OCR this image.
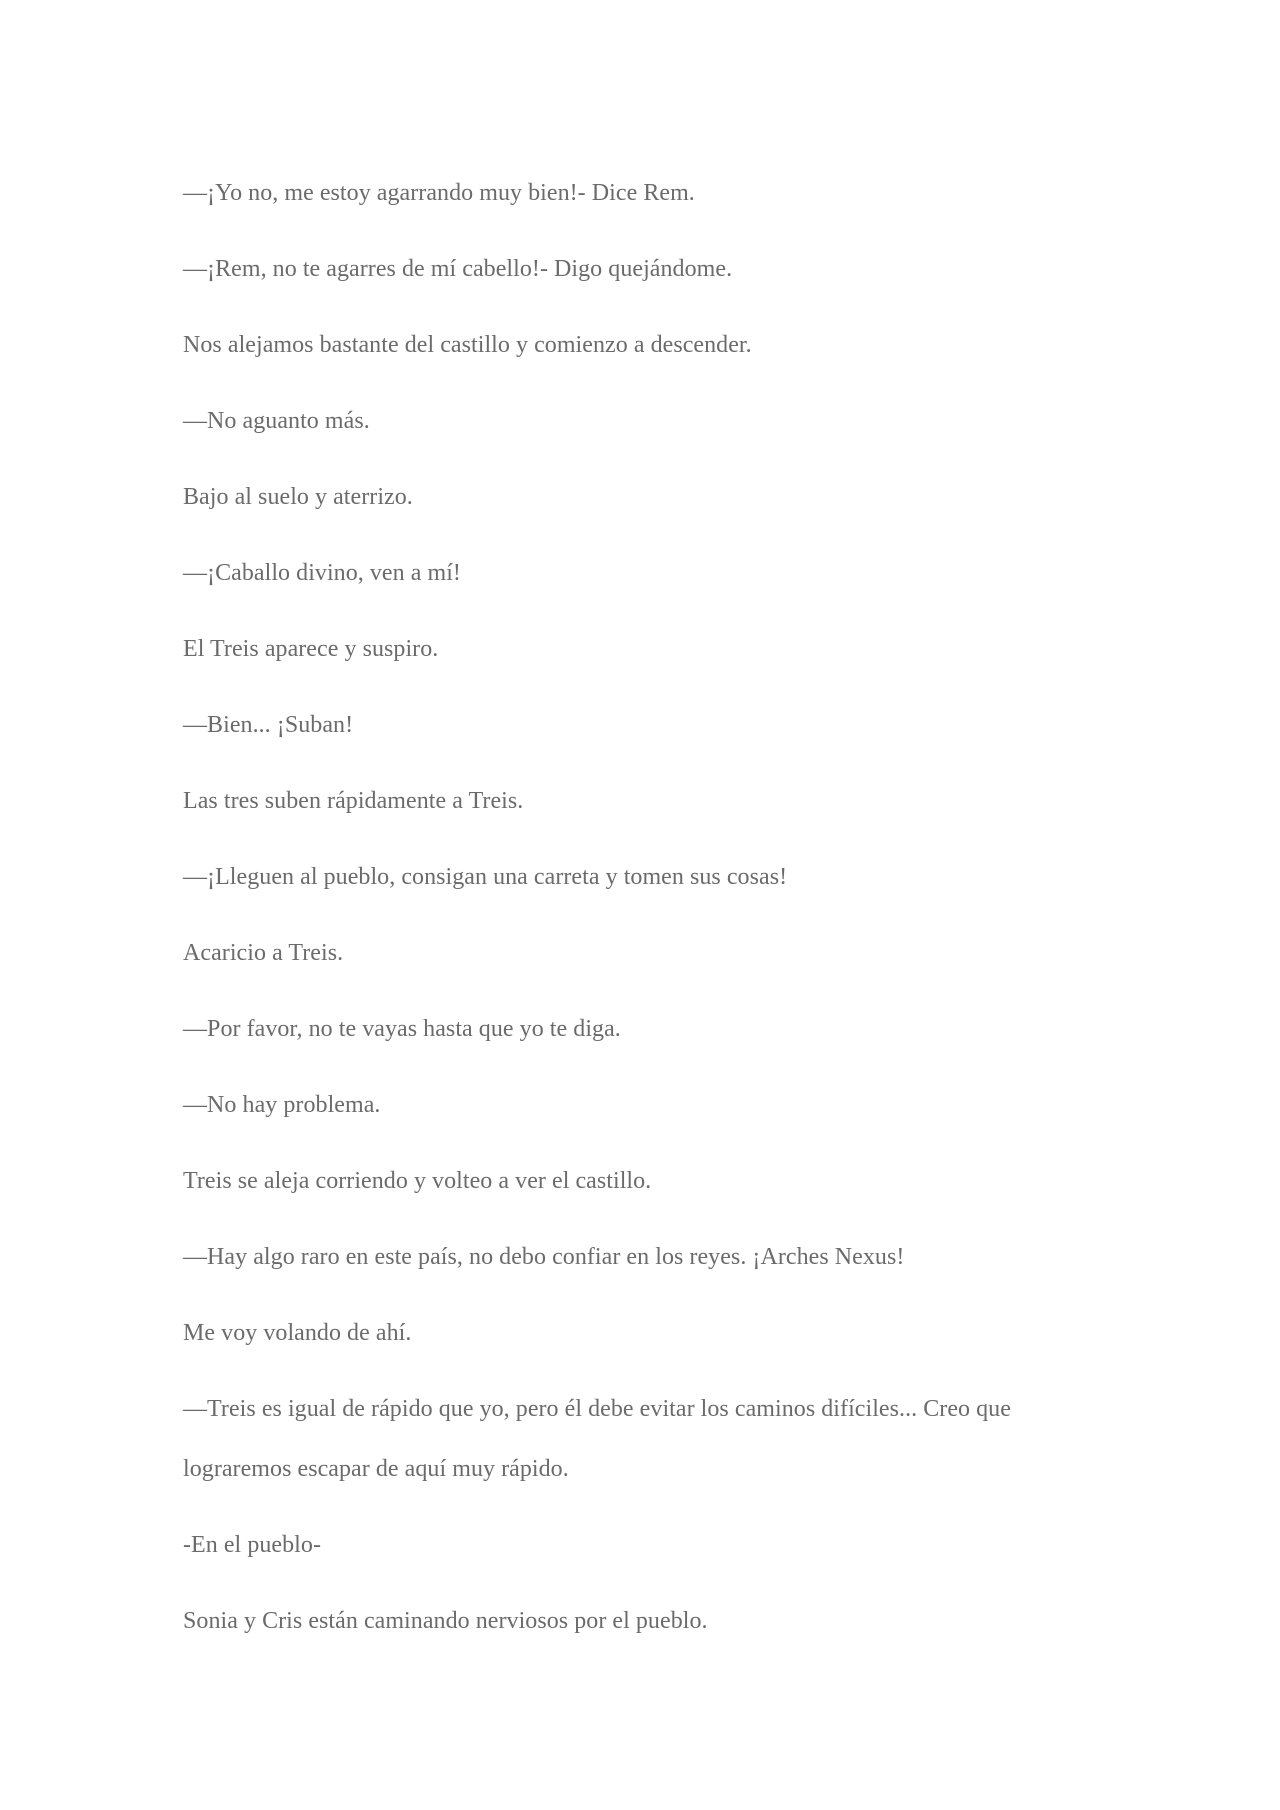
—¡Yo no, me estoy agarrando muy bien!- Dice Rem.

—¡Rem, no te agarres de mí cabello!- Digo quejándome.

Nos alejamos bastante del castillo y comienzo a descender.

—No aguanto más.

Bajo al suelo y aterrizo.

—¡Caballo divino, ven a mí!

El Treis aparece y suspiro.

—Bien... ¡Suban!

Las tres suben rápidamente a Treis.

—¡Lleguen al pueblo, consigan una carreta y tomen sus cosas!

Acaricio a Treis.

—Por favor, no te vayas hasta que yo te diga.

—No hay problema.

Treis se aleja corriendo y volteo a ver el castillo.

—Hay algo raro en este país, no debo confiar en los reyes. ¡Arches Nexus!

Me voy volando de ahí.

—Treis es igual de rápido que yo, pero él debe evitar los caminos difíciles... Creo que lograremos escapar de aquí muy rápido.

-En el pueblo-

Sonia y Cris están caminando nerviosos por el pueblo.
